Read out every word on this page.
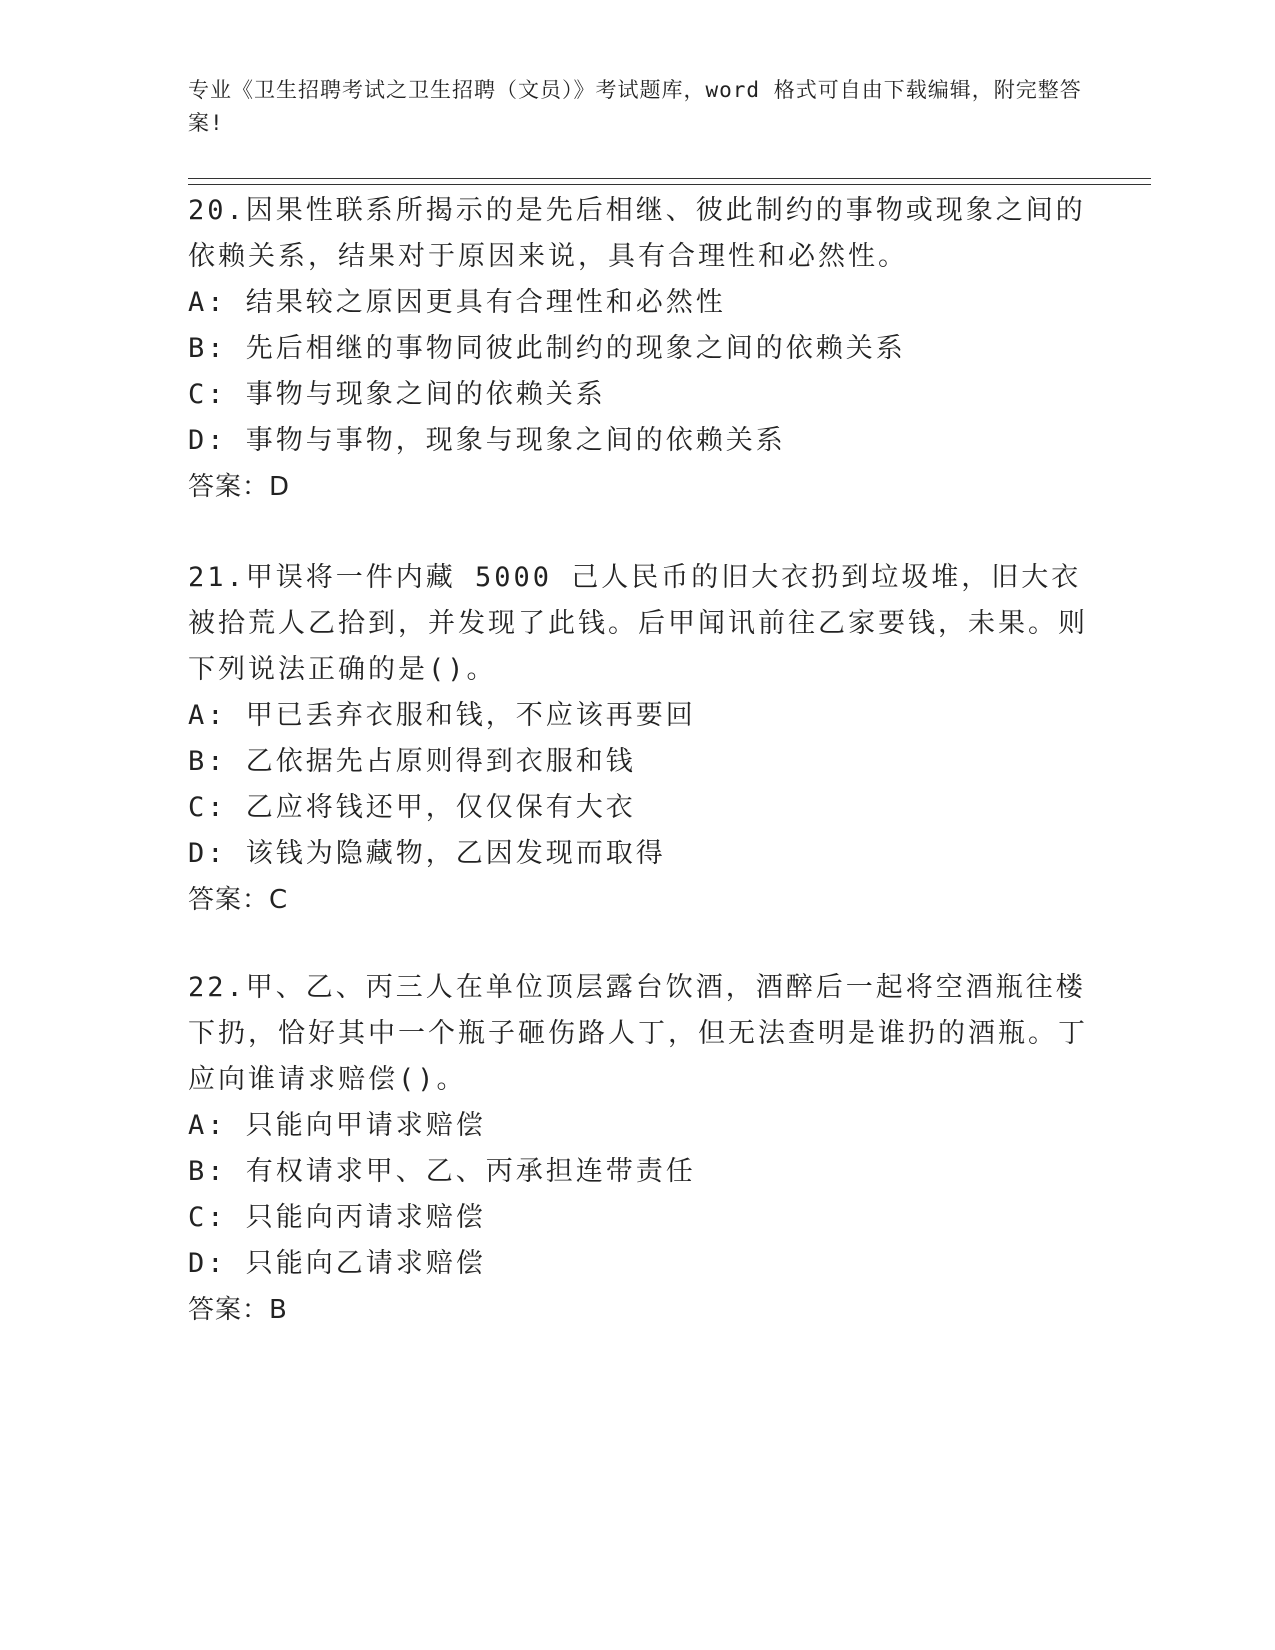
专业《卫生招聘考试之卫生招聘（文员）》考试题库，word 格式可自由下载编辑，附完整答案!

20.因果性联系所揭示的是先后相继、彼此制约的事物或现象之间的依赖关系，结果对于原因来说，具有合理性和必然性。

A: 结果较之原因更具有合理性和必然性

B: 先后相继的事物同彼此制约的现象之间的依赖关系

C: 事物与现象之间的依赖关系

D: 事物与事物，现象与现象之间的依赖关系

答案：D

21.甲误将一件内藏 5000 己人民币的旧大衣扔到垃圾堆，旧大衣被拾荒人乙拾到，并发现了此钱。后甲闻讯前往乙家要钱，未果。则下列说法正确的是()。

A: 甲已丢弃衣服和钱，不应该再要回

B: 乙依据先占原则得到衣服和钱

C: 乙应将钱还甲，仅仅保有大衣

D: 该钱为隐藏物，乙因发现而取得

答案：C

22.甲、乙、丙三人在单位顶层露台饮酒，酒醉后一起将空酒瓶往楼下扔，恰好其中一个瓶子砸伤路人丁，但无法查明是谁扔的酒瓶。丁应向谁请求赔偿()。

A: 只能向甲请求赔偿

B: 有权请求甲、乙、丙承担连带责任

C: 只能向丙请求赔偿

D: 只能向乙请求赔偿

答案：B
